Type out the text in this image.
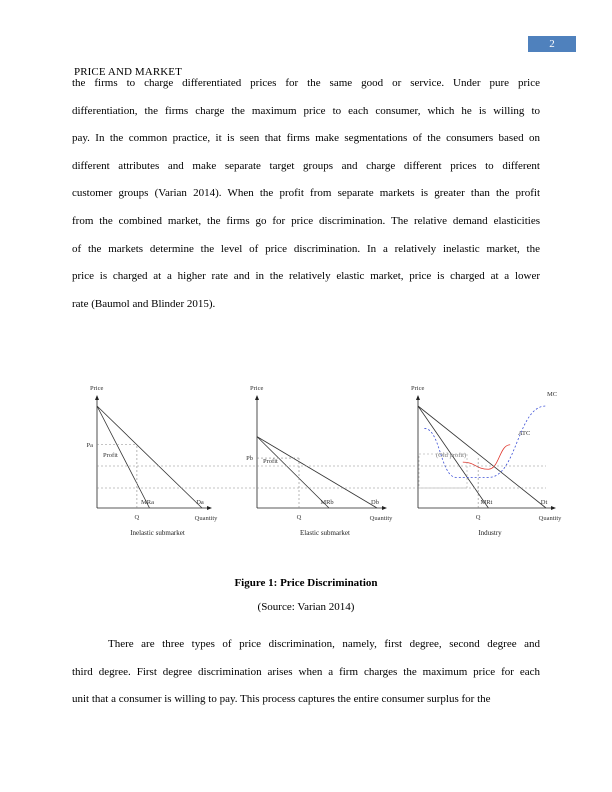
2
PRICE AND MARKET
the firms to charge differentiated prices for the same good or service. Under pure price
differentiation, the firms charge the maximum price to each consumer, which he is willing to
pay. In the common practice, it is seen that firms make segmentations of the consumers based on
different attributes and make separate target groups and charge different prices to different
customer groups (Varian 2014). When the profit from separate markets is greater than the profit
from the combined market, the firms go for price discrimination. The relative demand elasticities
of the markets determine the level of price discrimination. In a relatively inelastic market, the
price is charged at a higher rate and in the relatively elastic market, price is charged at a lower
rate (Baumol and Blinder 2015).
Price
Quantity
Inelastic submarket
MRa	Da
Q
Pa
Profit
Price
Quantity
Elastic submarket
MRb	Db
Q
Pb Profit
Price
Quantity
Industry
MRt	Dt
MC
ATC
Q
(Old profit)
Figure 1: Price Discrimination
(Source: Varian 2014)
There are three types of price discrimination, namely, first degree, second degree and
third degree. First degree discrimination arises when a firm charges the maximum price for each
unit that a consumer is willing to pay. This process captures the entire consumer surplus for the
